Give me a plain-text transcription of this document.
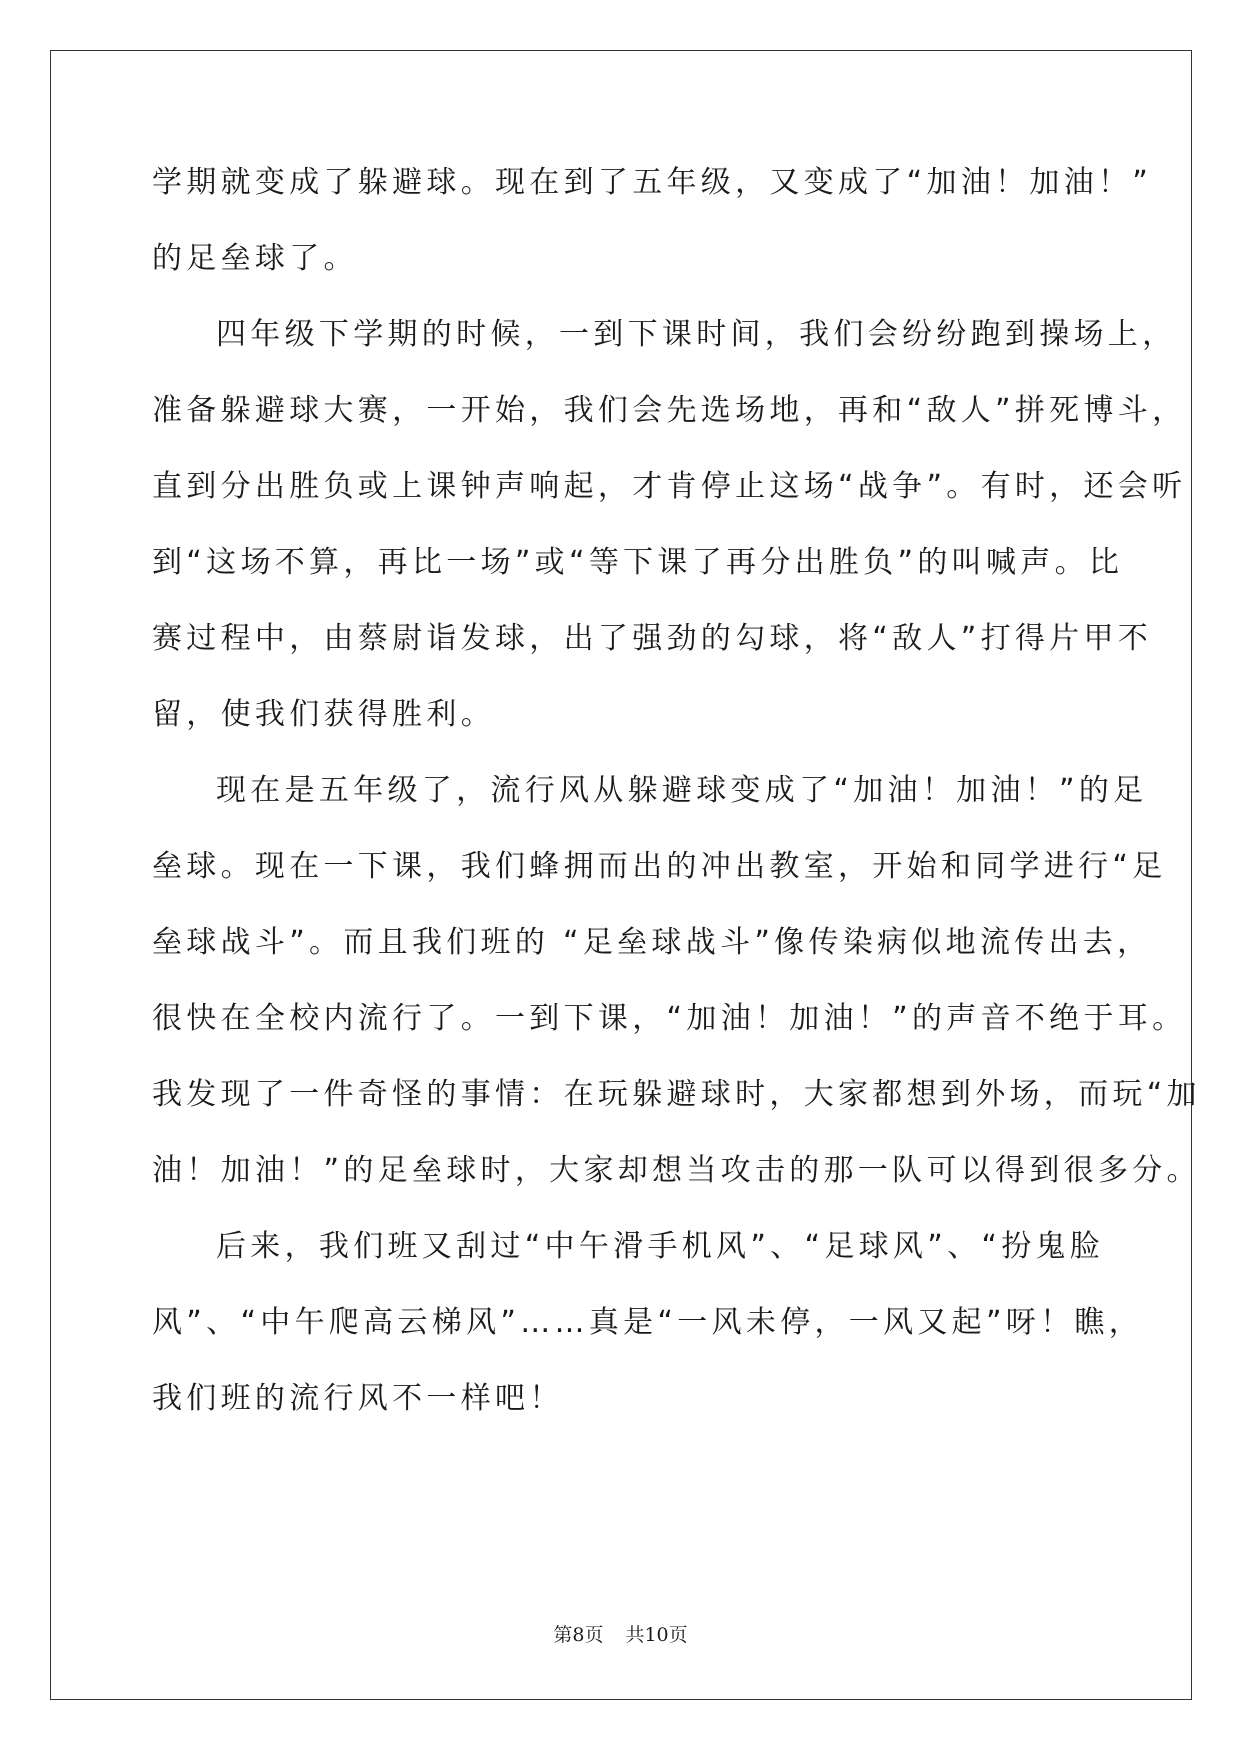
学期就变成了躲避球。现在到了五年级，又变成了“加油！加油！”
的足垒球了。
四年级下学期的时候，一到下课时间，我们会纷纷跑到操场上，
准备躲避球大赛，一开始，我们会先选场地，再和“敌人”拼死博斗，
直到分出胜负或上课钟声响起，才肯停止这场“战争”。有时，还会听
到“这场不算，再比一场”或“等下课了再分出胜负”的叫喊声。比
赛过程中，由蔡尉诣发球，出了强劲的勾球，将“敌人”打得片甲不
留，使我们获得胜利。
现在是五年级了，流行风从躲避球变成了“加油！加油！”的足
垒球。现在一下课，我们蜂拥而出的冲出教室，开始和同学进行“足
垒球战斗”。而且我们班的 “足垒球战斗”像传染病似地流传出去，
很快在全校内流行了。一到下课，“加油！加油！”的声音不绝于耳。
我发现了一件奇怪的事情：在玩躲避球时，大家都想到外场，而玩“加
油！加油！”的足垒球时，大家却想当攻击的那一队可以得到很多分。
后来，我们班又刮过“中午滑手机风”、“足球风”、“扮鬼脸
风”、“中午爬高云梯风”……真是“一风未停，一风又起”呀！瞧，
我们班的流行风不一样吧！
第8页 共10页
